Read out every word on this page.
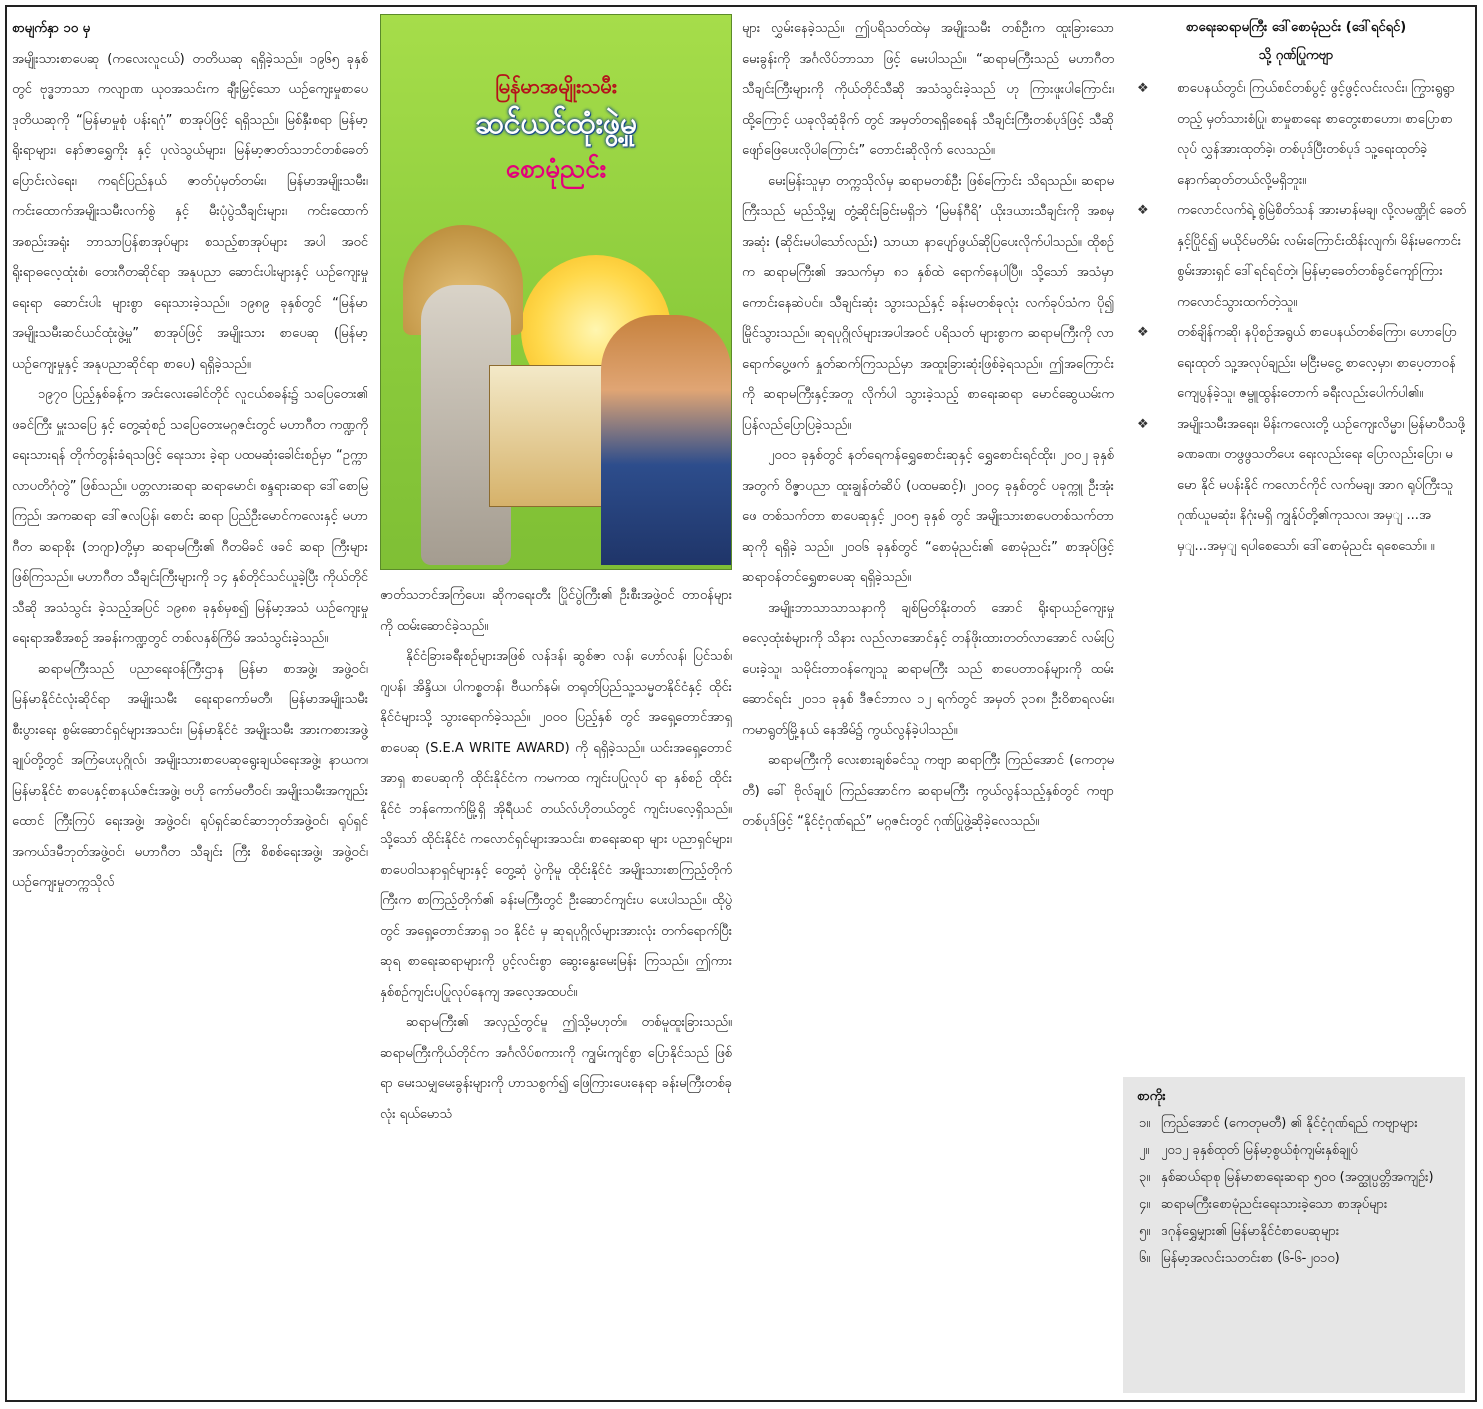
စာမျက်နှာ ၁၀ မှ

အမျိုးသားစာပေဆု (ကလေးလူငယ်) တတိယဆု ရရှိခဲ့သည်။ ၁၉၆၅ ခုနှစ်တွင် ဗုဒ္ဓဘာသာ ကလျာဏ ယုဝအသင်းက ချီးမြှင့်သော ယဉ်ကျေးမှုစာပေ ဒုတိယဆုကို “မြန်မာမှုစုံ ပန်းရဂုံ” စာအုပ်ဖြင့် ရရှိသည်။ မြစ်နှီးစရာ မြန်မာ့ရိုးရာများ၊ နော်ဇာရွှေကိုး နှင့် ပုလဲသွယ်များ၊ မြန်မာ့ဇာတ်သဘင်တစ်ခေတ် ပြောင်းလဲရေး၊ ကရင်ပြည်နယ် ဇာတ်ပုံမှတ်တမ်း၊ မြန်မာအမျိုးသမီး၊ ကင်းထောက်အမျိုးသမီးလက်စွဲ နှင့် မီးပုံပွဲသီချင်းများ၊ ကင်းထောက်အစည်းအရုံး ဘာသာပြန်စာအုပ်များ စသည့်စာအုပ်များ အပါ အဝင် ရိုးရာဓလေ့ထုံးစံ၊ တေးဂီတဆိုင်ရာ အနုပညာ ဆောင်းပါးများနှင့် ယဉ်ကျေးမှုရေးရာ ဆောင်းပါး များစွာ ရေးသားခဲ့သည်။ ၁၉၈၉ ခုနှစ်တွင် “မြန်မာ အမျိုးသမီးဆင်ယင်ထုံးဖွဲ့မှု” စာအုပ်ဖြင့် အမျိုးသား စာပေဆု (မြန်မာ့ယဉ်ကျေးမှုနှင့် အနုပညာဆိုင်ရာ စာပေ) ရရှိခဲ့သည်။

၁၉၇၀ ပြည့်နှစ်ခန့်က အင်းလေးခေါင်တိုင် လူငယ်စခန်း၌ သပြေတေး၏ ဖခင်ကြီး မှူးသပြေ နှင့် တွေ့ဆုံစဉ် သပြေတေးမဂ္ဂဇင်းတွင် မဟာဂီတ ကဏ္ဍကို ရေးသားရန် တိုက်တွန်းခံရသဖြင့် ရေးသား ခဲ့ရာ ပထမဆုံးခေါင်းစဉ်မှာ “ဥက္ကာလာပတိဂုံတွဲ” ဖြစ်သည်။ ပတ္တလားဆရာ ဆရာမောင်၊ စန္ဒရားဆရာ ဒေါ်စောမြကြည်၊ အကဆရာ ဒေါ်ဇလပြန်၊ စောင်း ဆရာ ပြည်ဦးမောင်ကလေးနှင့် မဟာဂီတ ဆရာစိုး (ဘဂျာ)တို့မှာ ဆရာမကြီး၏ ဂီတမိခင် ဖခင် ဆရာ ကြီးများ ဖြစ်ကြသည်။ မဟာဂီတ သီချင်းကြီးများကို ၁၄ နှစ်တိုင်သင်ယူခဲ့ပြီး ကိုယ်တိုင်သီဆို အသံသွင်း ခဲ့သည့်အပြင် ၁၉၈၈ ခုနှစ်မှစ၍ မြန်မာ့အသံ ယဉ်ကျေးမှုရေးရာအစီအစဉ် အခန်းကဏ္ဍတွင် တစ်လနှစ်ကြိမ် အသံသွင်းခဲ့သည်။

ဆရာမကြီးသည် ပညာရေးဝန်ကြီးဌာန မြန်မာ စာအဖွဲ့၊ အဖွဲ့ဝင်၊ မြန်မာနိုင်ငံလုံးဆိုင်ရာ အမျိုးသမီး ရေးရာကော်မတီ၊ မြန်မာအမျိုးသမီးစီးပွားရေး စွမ်းဆောင်ရှင်များအသင်း၊ မြန်မာနိုင်ငံ အမျိုးသမီး အားကစားအဖွဲ့ချုပ်တို့တွင် အကြံပေးပုဂ္ဂိုလ်၊ အမျိုးသားစာပေဆုရွေးချယ်ရေးအဖွဲ့၊ နာယက၊ မြန်မာနိုင်ငံ စာပေနှင့်စာနယ်ဇင်းအဖွဲ့၊ ဗဟို ကော်မတီဝင်၊ အမျိုးသမီးအကျည်းထောင် ကြီးကြပ် ရေးအဖွဲ့၊ အဖွဲ့ဝင်၊ ရုပ်ရှင်ဆင်ဆာဘုတ်အဖွဲ့ဝင်၊ ရုပ်ရှင်အကယ်ဒမီဘုတ်အဖွဲ့ဝင်၊ မဟာဂီတ သီချင်း ကြီး စိစစ်ရေးအဖွဲ့၊ အဖွဲ့ဝင်၊ ယဉ်ကျေးမှုတက္ကသိုလ်

မြန်မာအမျိုးသမီး
ဆင်ယင်ထုံးဖွဲ့မှု
စောမုံညင်း

ဇာတ်သဘင်အကြံပေး၊ ဆိုကရေးတီး ပြိုင်ပွဲကြီး၏ ဦးစီးအဖွဲ့ဝင် တာဝန်များကို ထမ်းဆောင်ခဲ့သည်။

နိုင်ငံခြားခရီးစဉ်များအဖြစ် လန်ဒန်၊ ဆွစ်ဇာ လန်၊ ဟော်လန်၊ ပြင်သစ်၊ ဂျပန်၊ အိန္ဒိယ၊ ပါကစ္စတန်၊ ဗီယက်နမ်၊ တရုတ်ပြည်သူ့သမ္မတနိုင်ငံနှင့် ထိုင်း နိုင်ငံများသို့ သွားရောက်ခဲ့သည်။ ၂၀၀၀ ပြည့်နှစ် တွင် အရှေ့တောင်အာရှစာပေဆု (S.E.A WRITE AWARD) ကို ရရှိခဲ့သည်။ ယင်းအရှေ့တောင်အာရှ စာပေဆုကို ထိုင်းနိုင်ငံက ကမကထ ကျင်းပပြုလုပ် ရာ နှစ်စဉ် ထိုင်းနိုင်ငံ ဘန်ကောက်မြို့ရှိ အိုရီယင် တယ်လ်ဟိုတယ်တွင် ကျင်းပလေ့ရှိသည်။ သို့သော် ထိုင်းနိုင်ငံ ကလောင်ရှင်များအသင်း၊ စာရေးဆရာ များ ပညာရှင်များ၊ စာပေဝါသနာရှင်များနှင့် တွေ့ဆုံ ပွဲကိုမူ ထိုင်းနိုင်ငံ အမျိုးသားစာကြည့်တိုက်ကြီးက စာကြည့်တိုက်၏ ခန်းမကြီးတွင် ဦးဆောင်ကျင်းပ ပေးပါသည်။ ထိုပွဲတွင် အရှေ့တောင်အာရှ ၁၀ နိုင်ငံ မှ ဆုရပုဂ္ဂိုလ်များအားလုံး တက်ရောက်ပြီး ဆုရ စာရေးဆရာများကို ပွင့်လင်းစွာ ဆွေးနွေးမေးမြန်း ကြသည်။ ဤကား နှစ်စဉ်ကျင်းပပြုလုပ်နေကျ အလေ့အထပင်။

ဆရာမကြီး၏ အလှည့်တွင်မူ ဤသို့မဟုတ်။ တစ်မူထူးခြားသည်။ ဆရာမကြီးကိုယ်တိုင်က အင်္ဂလိပ်စကားကို ကျွမ်းကျင်စွာ ပြောနိုင်သည် ဖြစ်ရာ မေးသမျှမေးခွန်းများကို ဟာသစွက်၍ ဖြေကြားပေးနေရာ ခန်းမကြီးတစ်ခုလုံး ရယ်မောသံ

များ လွှမ်းနေခဲ့သည်။ ဤပရိသတ်ထဲမှ အမျိုးသမီး တစ်ဦးက ထူးခြားသောမေးခွန်းကို အင်္ဂလိပ်ဘာသာ ဖြင့် မေးပါသည်။ “ဆရာမကြီးသည် မဟာဂီတ သီချင်းကြီးများကို ကိုယ်တိုင်သီဆို အသံသွင်းခဲ့သည် ဟု ကြားဖူးပါကြောင်း၊ ထို့ကြောင့် ယခုလိုဆုံခိုက် တွင် အမှတ်တရရှိစေရန် သီချင်းကြီးတစ်ပုဒ်ဖြင့် သီဆိုဖျော်ဖြေပေးလိုပါကြောင်း” တောင်းဆိုလိုက် လေသည်။

မေးမြန်းသူမှာ တက္ကသိုလ်မှ ဆရာမတစ်ဦး ဖြစ်ကြောင်း သိရသည်။ ဆရာမကြီးသည် မည်သို့မျှ တွံ့ဆိုင်းခြင်းမရှိဘဲ ‘မြမန်ဂီရိ’ ယိုးဒယားသီချင်းကို အစမှအဆုံး (ဆိုင်းမပါသော်လည်း) သာယာ နာပျော်ဖွယ်ဆိုပြပေးလိုက်ပါသည်။ ထိုစဉ်က ဆရာမကြီး၏ အသက်မှာ ၈၁ နှစ်ထဲ ရောက်နေပါပြီ။ သို့သော် အသံမှာ ကောင်းနေဆဲပင်။ သီချင်းဆုံး သွားသည်နှင့် ခန်းမတစ်ခုလုံး လက်ခုပ်သံက ပို၍ မြိုင်သွားသည်။ ဆုရပုဂ္ဂိုလ်များအပါအဝင် ပရိသတ် များစွာက ဆရာမကြီးကို လာရောက်ပွေ့ဖက် နှုတ်ဆက်ကြသည်မှာ အထူးခြားဆုံးဖြစ်ခဲ့ရသည်။ ဤအကြောင်းကို ဆရာမကြီးနှင့်အတူ လိုက်ပါ သွားခဲ့သည့် စာရေးဆရာ မောင်ဆွေယမ်းက ပြန်လည်ပြောပြခဲ့သည်။

၂၀၀၁ ခုနှစ်တွင် နတ်ရေကန်ရွှေစောင်းဆုနှင့် ရွှေစောင်းရင်ထိုး၊ ၂၀၀၂ ခုနှစ်အတွက် ဝိဇ္ဇာပညာ ထူးချွန်တံဆိပ် (ပထမဆင့်)၊ ၂၀၀၄ ခုနှစ်တွင် ပခုက္ကူ ဦးအုံးဖေ တစ်သက်တာ စာပေဆုနှင့် ၂၀၀၅ ခုနှစ် တွင် အမျိုးသားစာပေတစ်သက်တာဆုကို ရရှိခဲ့ သည်။ ၂၀၀၆ ခုနှစ်တွင် “စောမုံညင်း၏ စောမုံညင်း” စာအုပ်ဖြင့် ဆရာဝန်တင်ရွှေစာပေဆု ရရှိခဲ့သည်။

အမျိုးဘာသာသာသနာကို ချစ်မြတ်နိုးတတ် အောင် ရိုးရာယဉ်ကျေးမှု ဓလေ့ထုံးစံများကို သိနား လည်လာအောင်နှင့် တန်ဖိုးထားတတ်လာအောင် လမ်းပြပေးခဲ့သူ၊ သမိုင်းတာဝန်ကျေသူ ဆရာမကြီး သည် စာပေတာဝန်များကို ထမ်းဆောင်ရင်း ၂၀၁၁ ခုနှစ် ဒီဇင်ဘာလ ၁၂ ရက်တွင် အမှတ် ၃၁၈၊ ဦးဝိစာရလမ်း၊ ကမာရွတ်မြို့နယ် နေအိမ်၌ ကွယ်လွန်ခဲ့ပါသည်။

ဆရာမကြီးကို လေးစားချစ်ခင်သူ ကဗျာ ဆရာကြီး ကြည်အောင် (ကေတုမတီ) ခေါ် ဗိုလ်ချုပ် ကြည်အောင်က ဆရာမကြီး ကွယ်လွန်သည့်နှစ်တွင် ကဗျာတစ်ပုဒ်ဖြင့် “နိုင်ငံ့ဂုဏ်ရည်” မဂ္ဂဇင်းတွင် ဂုဏ်ပြုဖွဲ့ဆိုခဲ့လေသည်။

စာရေးဆရာမကြီး ဒေါ်စောမုံညင်း (ဒေါ်ရင်ရင်)
သို့ ဂုဏ်ပြုကဗျာ
❖ စာပေနယ်တွင်၊ ကြယ်စင်တစ်ပွင့် ဖွင့်ဖွင့်လင်းလင်း၊ ကြွားရွရွာတည့် မှတ်သားစံပြု၊ စာမှုစာရေး စာတွေးစာဟော၊ စာပြောစာလုပ် လွှန်အားထုတ်ခဲ့၊ တစ်ပုဒ်ပြီးတစ်ပုဒ် သူ့ရေးထုတ်ခဲ့ နောက်ဆုတ်တယ်လို့မရှိဘူး။
❖ ကလောင်လက်ရဲ့ စွဲမြဲစိတ်သန် အားမာန်မချ၊ လို့လမဏ္ဍိုင် ခေတ်နှင့်ပြိုင်၍ မယိုင်မတိမ်း လမ်းကြောင်းထိန်းလျက်၊ မိန်းမကောင်းစွမ်းအားရှင် ဒေါ်ရင်ရင်တဲ့၊ မြန်မာ့ခေတ်တစ်ခွင်ကျော်ကြား ကလောင်သွားထက်တဲ့သူ။
❖ တစ်ချိန်ကဆို၊ နပိုစဉ်အရွယ် စာပေနယ်တစ်ကြော၊ ဟောပြောရေးထုတ် သူ့အလုပ်ချည်း၊ မငြီးမငွေ့ စာလေ့မှာ၊ စာပေ့တာဝန် ကျေပွန်ခဲ့သူ၊ ဇမ္ဗူထွန်းတောက် ခရီးလည်းပေါက်ပါ၏။
❖ အမျိုးသမီးအရေး၊ မိန်းကလေးတို့ ယဉ်ကျေးလိမ္မာ၊ မြန်မာပီသဖို့ ခဏခဏ၊ တဖွဖွသတိပေး ရေးလည်းရေး ပြောလည်းပြော၊ မမော နိုင် မပန်းနိုင် ကလောင်ကိုင် လက်မချ၊ အာဂ ရုပ်ကြီးသူ ဂုဏ်ယူမဆုံး၊ နိဂုံးမရှိ ကျွန်ုပ်တို့၏ကုသလ၊ အမှျ ...အမှျ...အမှျ ရပါစေသော်၊ ဒေါ်စောမုံညင်း ရစေသော်။ ။
စာကိုး
၁။ ကြည်အောင် (ကေတုမတီ) ၏ နိုင်ငံ့ဂုဏ်ရည် ကဗျာများ
၂။ ၂၀၁၂ ခုနှစ်ထုတ် မြန်မာ့စွယ်စုံကျမ်းနှစ်ချုပ်
၃။ နှစ်ဆယ်ရာစု မြန်မာစာရေးဆရာ ၅၀၀ (အတ္ထုပ္ပတ္တိအကျဉ်း)
၄။ ဆရာမကြီးစောမုံညင်းရေးသားခဲ့သော စာအုပ်များ
၅။ ဒဂုန်ရွှေမျှား၏ မြန်မာနိုင်ငံစာပေဆုများ
၆။ မြန်မာ့အလင်းသတင်းစာ (၆-၆-၂၀၁၀)
